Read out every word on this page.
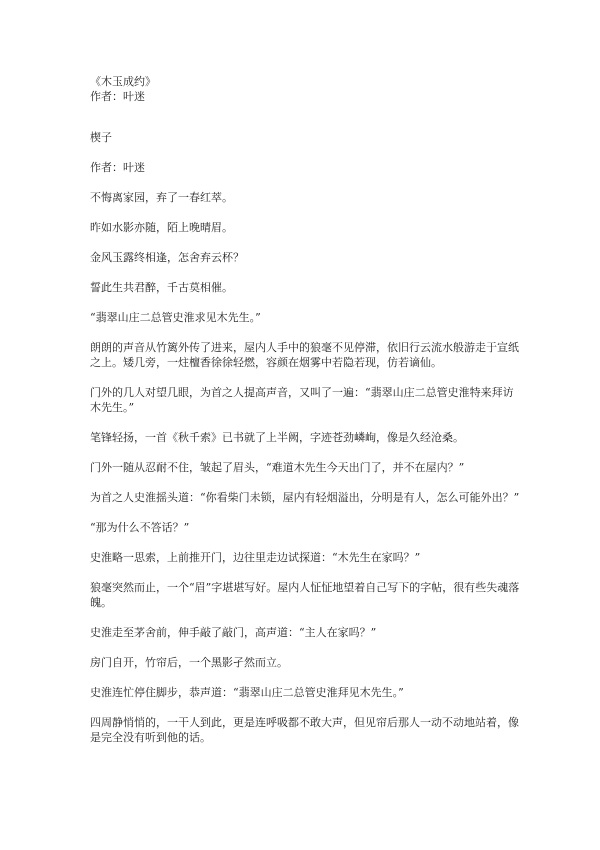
《木玉成约》

作者：叶迷

楔子

作者：叶迷

不悔离家园，弃了一春红萃。

昨如水影亦随，陌上晚晴眉。

金风玉露终相逢，怎舍弃云杯？

誓此生共君醉，千古莫相催。

“翡翠山庄二总管史淮求见木先生。”

朗朗的声音从竹篱外传了进来，屋内人手中的狼毫不见停滞，依旧行云流水般游走于宣纸之上。矮几旁，一炷檀香徐徐轻燃，容颜在烟雾中若隐若现，仿若谪仙。

门外的几人对望几眼，为首之人提高声音，又叫了一遍：“翡翠山庄二总管史淮特来拜访木先生。”

笔锋轻扬，一首《秋千索》已书就了上半阙，字迹苍劲嶙峋，像是久经沧桑。

门外一随从忍耐不住，皱起了眉头，“难道木先生今天出门了，并不在屋内？”

为首之人史淮摇头道：“你看柴门未锁，屋内有轻烟溢出，分明是有人，怎么可能外出？”

“那为什么不答话？”

史淮略一思索，上前推开门，边往里走边试探道：“木先生在家吗？”

狼毫突然而止，一个“眉”字堪堪写好。屋内人怔怔地望着自己写下的字帖，很有些失魂落魄。

史淮走至茅舍前，伸手敲了敲门，高声道：“主人在家吗？”

房门自开，竹帘后，一个黑影孑然而立。

史淮连忙停住脚步，恭声道：“翡翠山庄二总管史淮拜见木先生。”

四周静悄悄的，一干人到此，更是连呼吸都不敢大声，但见帘后那人一动不动地站着，像是完全没有听到他的话。
